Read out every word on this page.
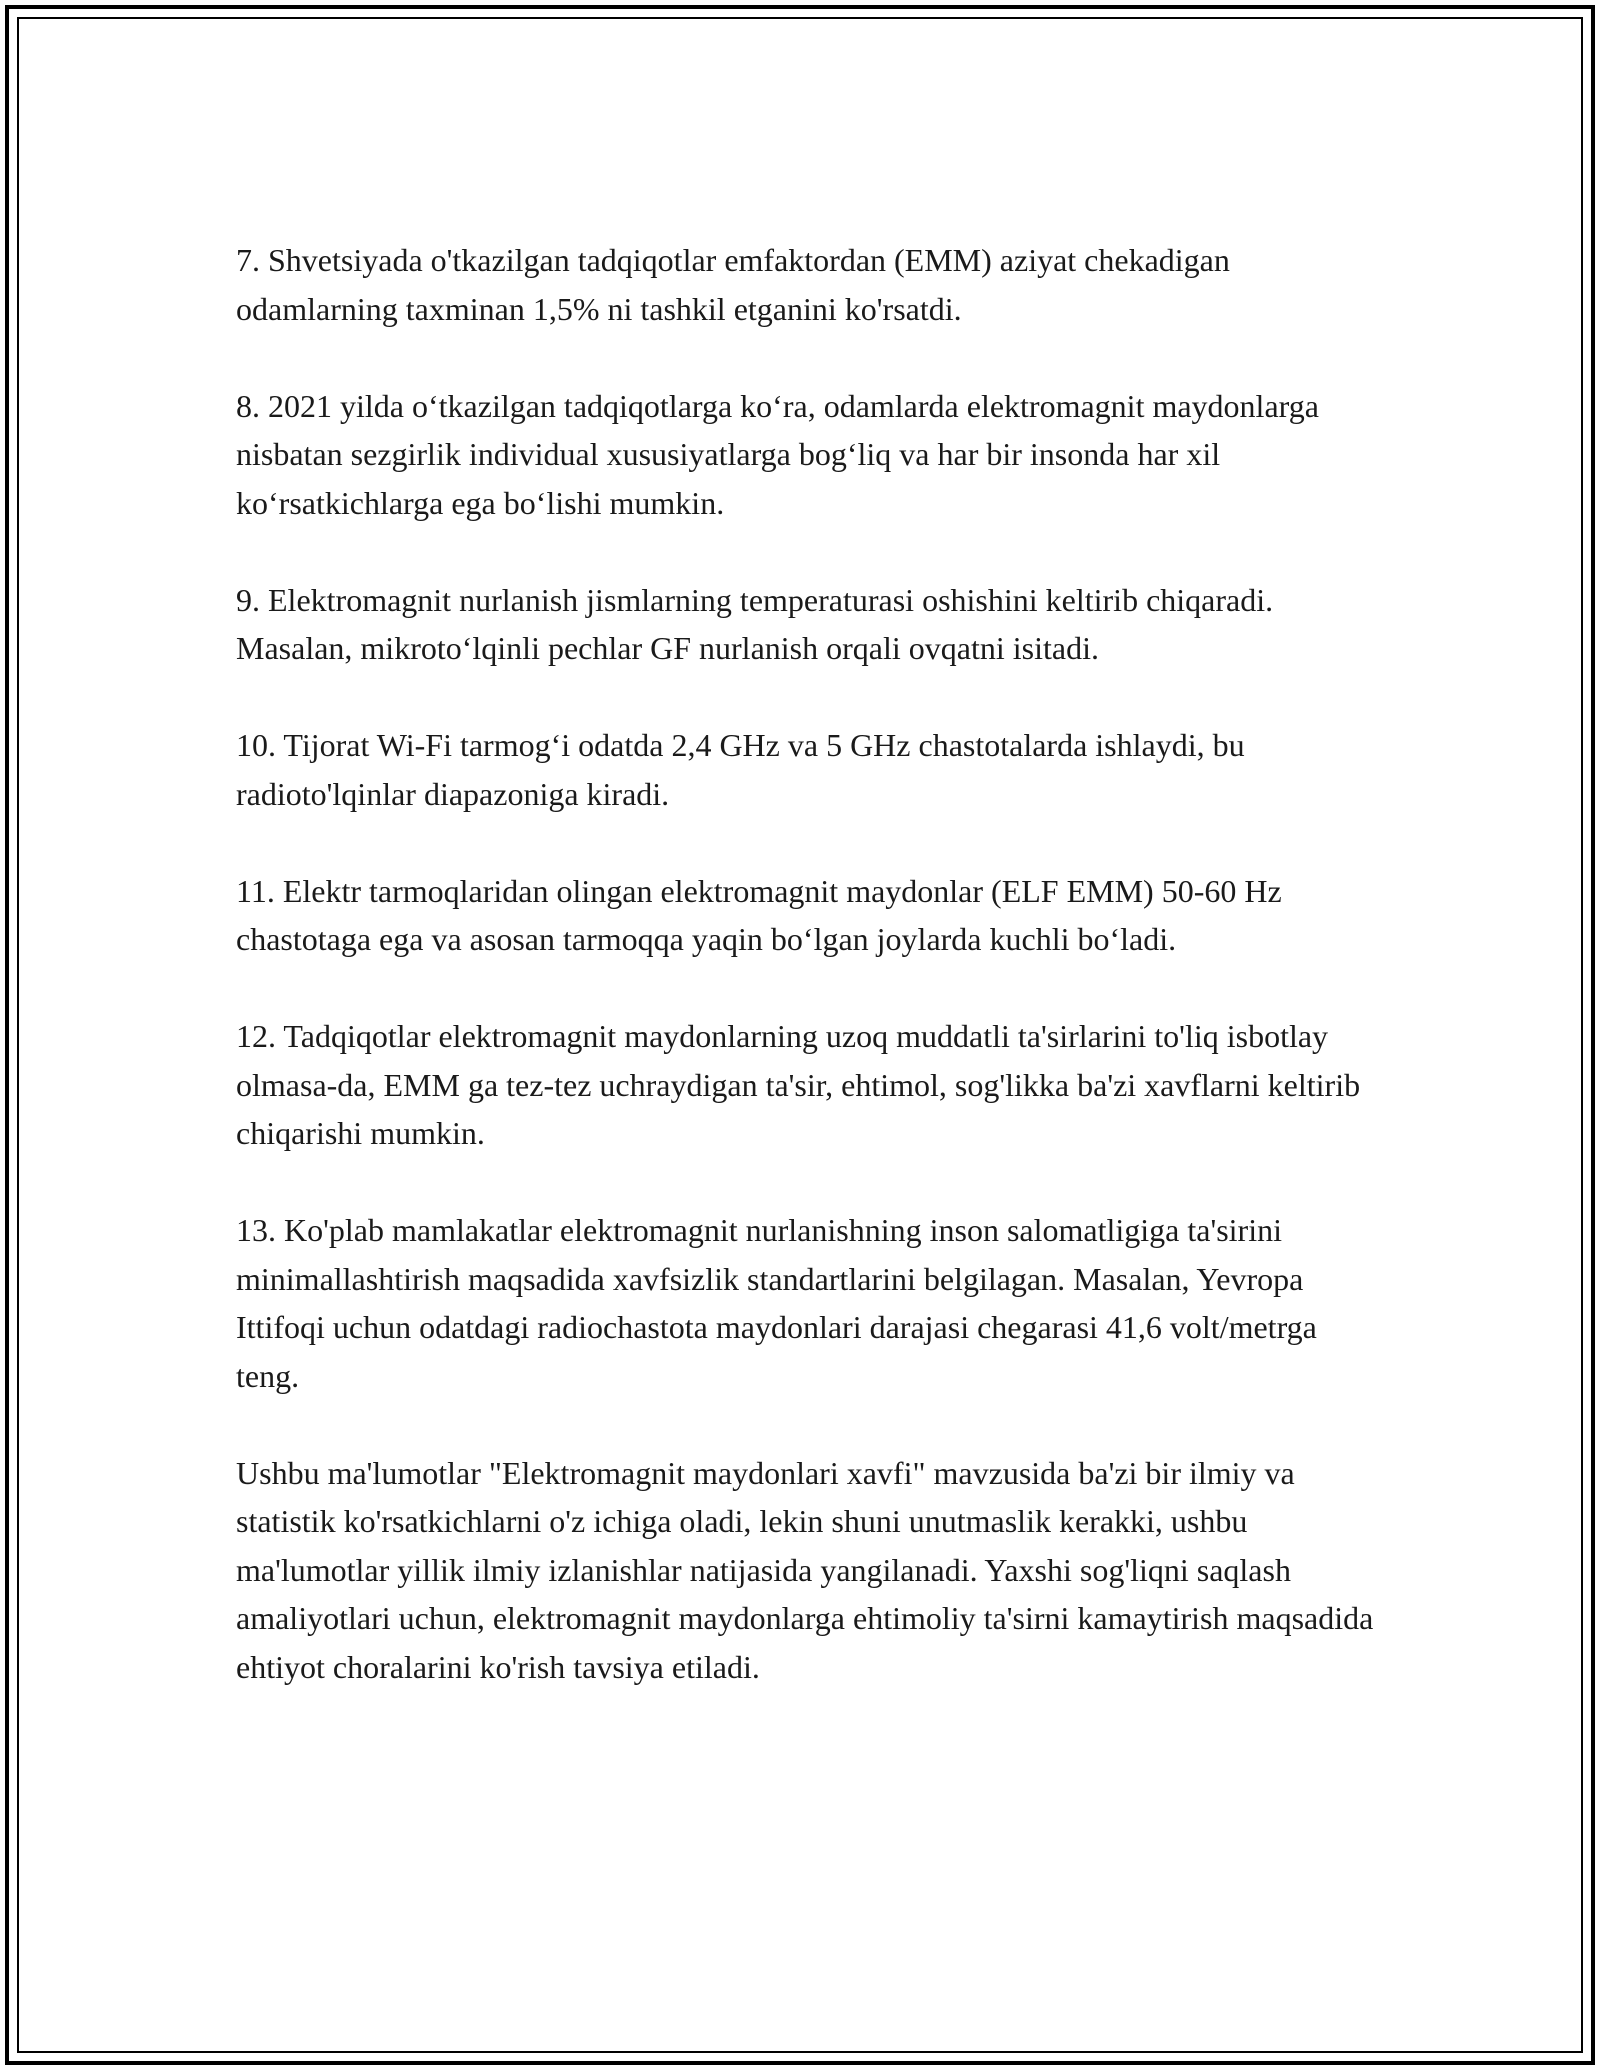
7. Shvetsiyada o'tkazilgan tadqiqotlar emfaktordan (EMM) aziyat chekadigan odamlarning taxminan 1,5% ni tashkil etganini ko'rsatdi.

8. 2021 yilda o‘tkazilgan tadqiqotlarga ko‘ra, odamlarda elektromagnit maydonlarga nisbatan sezgirlik individual xususiyatlarga bog‘liq va har bir insonda har xil ko‘rsatkichlarga ega bo‘lishi mumkin.

9. Elektromagnit nurlanish jismlarning temperaturasi oshishini keltirib chiqaradi. Masalan, mikroto‘lqinli pechlar GF nurlanish orqali ovqatni isitadi.

10. Tijorat Wi-Fi tarmog‘i odatda 2,4 GHz va 5 GHz chastotalarda ishlaydi, bu radioto'lqinlar diapazoniga kiradi.

11. Elektr tarmoqlaridan olingan elektromagnit maydonlar (ELF EMM) 50-60 Hz chastotaga ega va asosan tarmoqqa yaqin bo‘lgan joylarda kuchli bo‘ladi.

12. Tadqiqotlar elektromagnit maydonlarning uzoq muddatli ta'sirlarini to'liq isbotlay olmasa-da, EMM ga tez-tez uchraydigan ta'sir, ehtimol, sog'likka ba'zi xavflarni keltirib chiqarishi mumkin.

13. Ko'plab mamlakatlar elektromagnit nurlanishning inson salomatligiga ta'sirini minimallashtirish maqsadida xavfsizlik standartlarini belgilagan. Masalan, Yevropa Ittifoqi uchun odatdagi radiochastota maydonlari darajasi chegarasi 41,6 volt/metrga teng.

Ushbu ma'lumotlar "Elektromagnit maydonlari xavfi" mavzusida ba'zi bir ilmiy va statistik ko'rsatkichlarni o'z ichiga oladi, lekin shuni unutmaslik kerakki, ushbu ma'lumotlar yillik ilmiy izlanishlar natijasida yangilanadi. Yaxshi sog'liqni saqlash amaliyotlari uchun, elektromagnit maydonlarga ehtimoliy ta'sirni kamaytirish maqsadida ehtiyot choralarini ko'rish tavsiya etiladi.
